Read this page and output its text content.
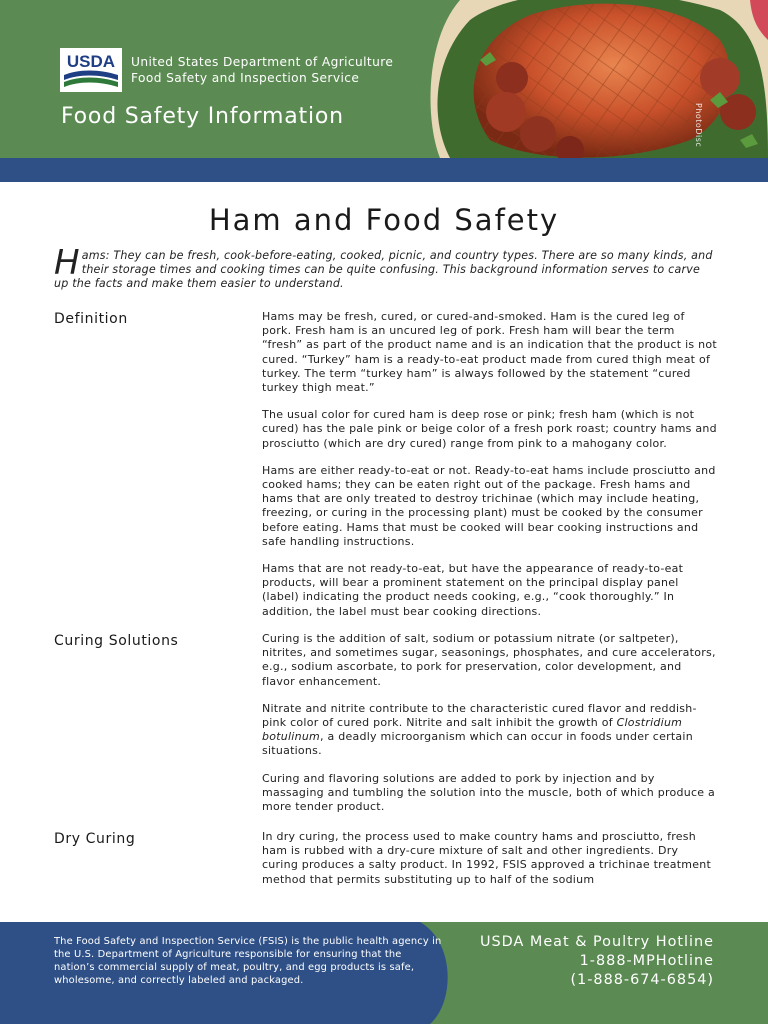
PhotoDisc
USDA United States Department of Agriculture
Food Safety and Inspection Service
Food Safety Information
Ham and Food Safety
Hams: They can be fresh, cook-before-eating, cooked, picnic, and country types. There are so many kinds, and their storage times and cooking times can be quite confusing. This background information serves to carve up the facts and make them easier to understand.
Definition	Hams may be fresh, cured, or cured-and-smoked. Ham is the cured leg of pork. Fresh ham is an uncured leg of pork. Fresh ham will bear the term “fresh” as part of the product name and is an indication that the product is not cured. “Turkey” ham is a ready-to-eat product made from cured thigh meat of turkey. The term “turkey ham” is always followed by the statement “cured turkey thigh meat.”

The usual color for cured ham is deep rose or pink; fresh ham (which is not cured) has the pale pink or beige color of a fresh pork roast; country hams and prosciutto (which are dry cured) range from pink to a mahogany color.

Hams are either ready-to-eat or not. Ready-to-eat hams include prosciutto and cooked hams; they can be eaten right out of the package. Fresh hams and hams that are only treated to destroy trichinae (which may include heating, freezing, or curing in the processing plant) must be cooked by the consumer before eating. Hams that must be cooked will bear cooking instructions and safe handling instructions.

Hams that are not ready-to-eat, but have the appearance of ready-to-eat products, will bear a prominent statement on the principal display panel (label) indicating the product needs cooking, e.g., “cook thoroughly.” In addition, the label must bear cooking directions.

Curing Solutions	Curing is the addition of salt, sodium or potassium nitrate (or saltpeter), nitrites, and sometimes sugar, seasonings, phosphates, and cure accelerators, e.g., sodium ascorbate, to pork for preservation, color development, and flavor enhancement.

Nitrate and nitrite contribute to the characteristic cured flavor and reddish-pink color of cured pork. Nitrite and salt inhibit the growth of Clostridium botulinum, a deadly microorganism which can occur in foods under certain situations.

Curing and flavoring solutions are added to pork by injection and by massaging and tumbling the solution into the muscle, both of which produce a more tender product.

Dry Curing	In dry curing, the process used to make country hams and prosciutto, fresh ham is rubbed with a dry-cure mixture of salt and other ingredients. Dry curing produces a salty product. In 1992, FSIS approved a trichinae treatment method that permits substituting up to half of the sodium

The Food Safety and Inspection Service (FSIS) is the public health agency in the U.S. Department of Agriculture responsible for ensuring that the nation’s commercial supply of meat, poultry, and egg products is safe, wholesome, and correctly labeled and packaged.
USDA Meat & Poultry Hotline
1-888-MPHotline
(1-888-674-6854)
